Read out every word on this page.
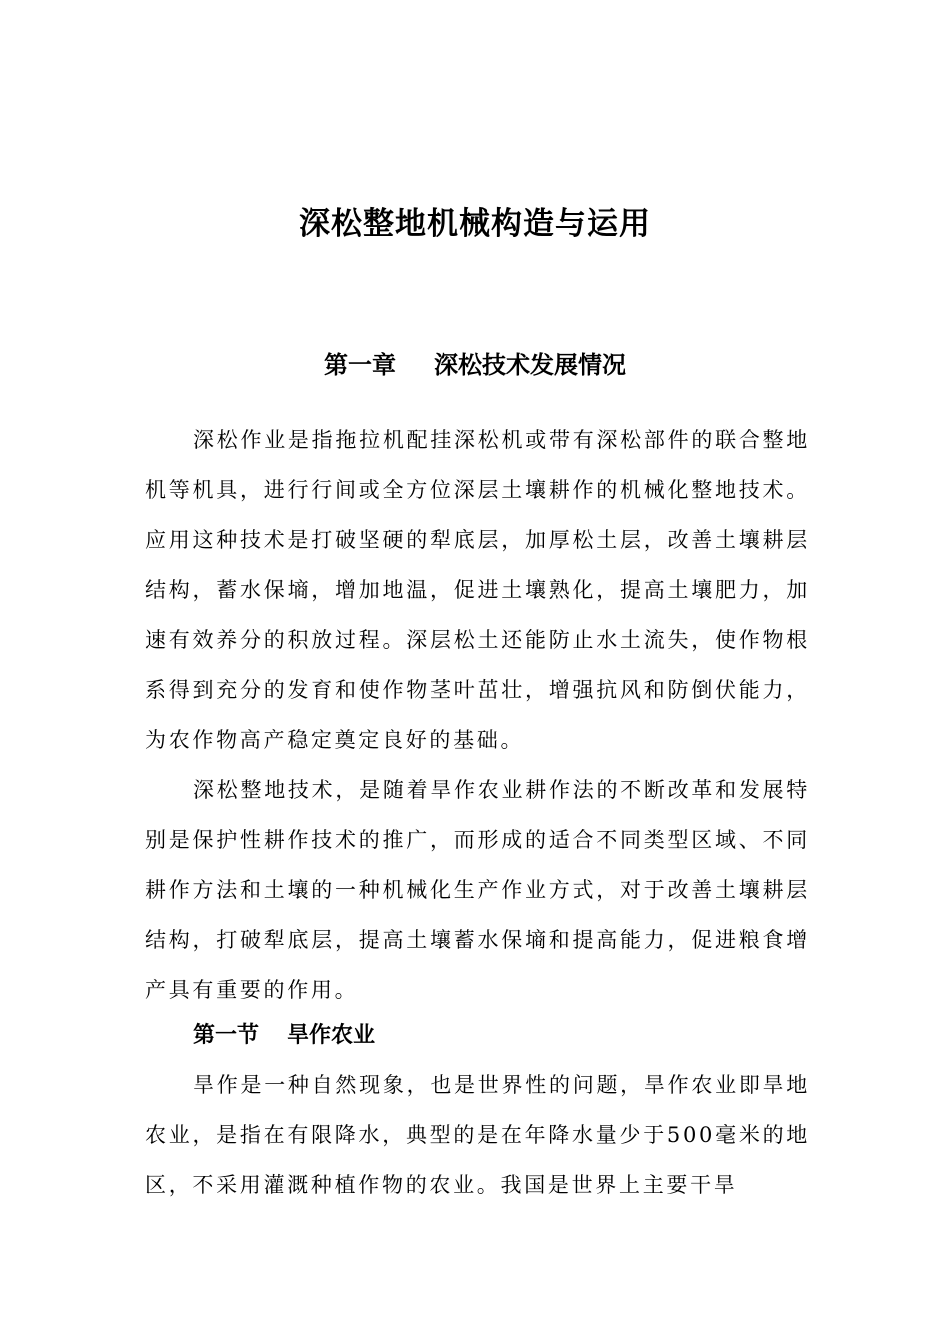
深松整地机械构造与运用
第一章 深松技术发展情况

深松作业是指拖拉机配挂深松机或带有深松部件的联合整地机等机具，进行行间或全方位深层土壤耕作的机械化整地技术。应用这种技术是打破坚硬的犁底层，加厚松土层，改善土壤耕层结构，蓄水保墒，增加地温，促进土壤熟化，提高土壤肥力，加速有效养分的积放过程。深层松土还能防止水土流失，使作物根系得到充分的发育和使作物茎叶茁壮，增强抗风和防倒伏能力，为农作物高产稳定奠定良好的基础。

深松整地技术，是随着旱作农业耕作法的不断改革和发展特别是保护性耕作技术的推广，而形成的适合不同类型区域、不同耕作方法和土壤的一种机械化生产作业方式，对于改善土壤耕层结构，打破犁底层，提高土壤蓄水保墒和提高能力，促进粮食增产具有重要的作用。

第一节 旱作农业

旱作是一种自然现象，也是世界性的问题，旱作农业即旱地农业，是指在有限降水，典型的是在年降水量少于500毫米的地区，不采用灌溉种植作物的农业。我国是世界上主要干旱
